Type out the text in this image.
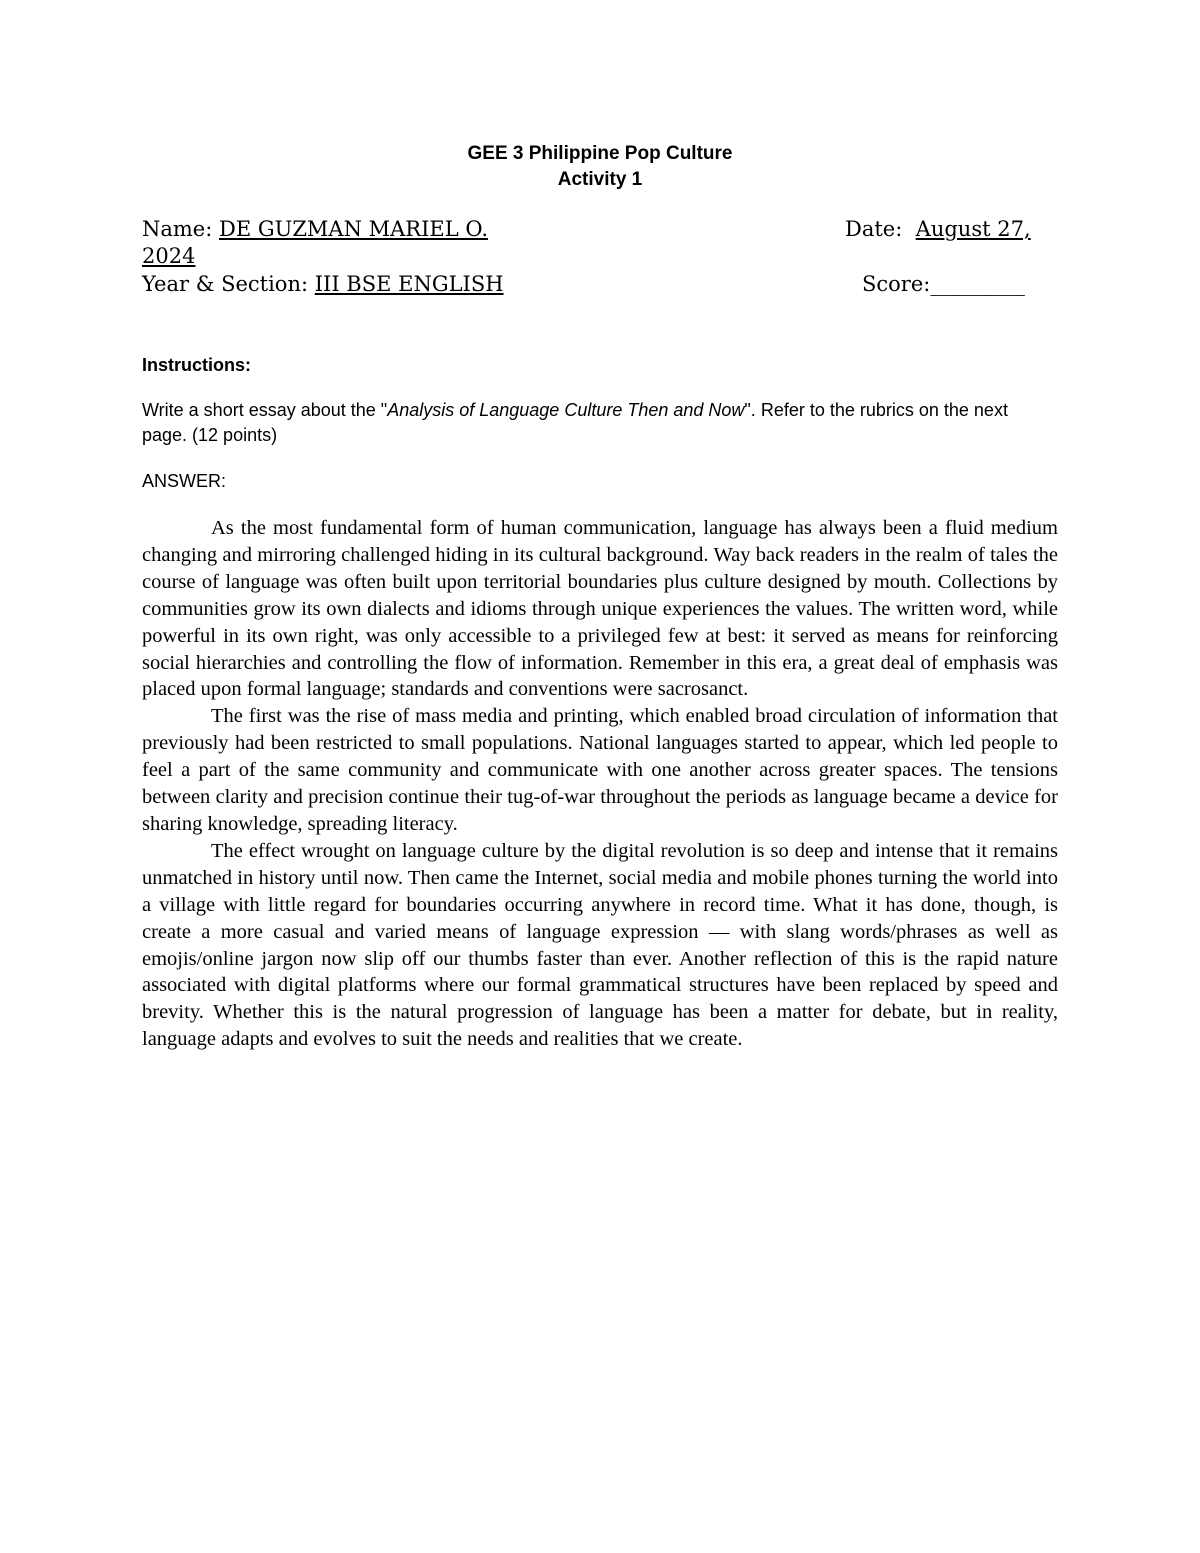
GEE 3 Philippine Pop Culture
Activity 1
Name: DE GUZMAN MARIEL O.	Date: August 27,
2024
Year & Section: III BSE ENGLISH	Score:_________
Instructions:
Write a short essay about the "Analysis of Language Culture Then and Now". Refer to the rubrics on the next page. (12 points)
ANSWER:

As the most fundamental form of human communication, language has always been a fluid medium changing and mirroring challenged hiding in its cultural background. Way back readers in the realm of tales the course of language was often built upon territorial boundaries plus culture designed by mouth. Collections by communities grow its own dialects and idioms through unique experiences the values. The written word, while powerful in its own right, was only accessible to a privileged few at best: it served as means for reinforcing social hierarchies and controlling the flow of information. Remember in this era, a great deal of emphasis was placed upon formal language; standards and conventions were sacrosanct.

The first was the rise of mass media and printing, which enabled broad circulation of information that previously had been restricted to small populations. National languages started to appear, which led people to feel a part of the same community and communicate with one another across greater spaces. The tensions between clarity and precision continue their tug-of-war throughout the periods as language became a device for sharing knowledge, spreading literacy.

The effect wrought on language culture by the digital revolution is so deep and intense that it remains unmatched in history until now. Then came the Internet, social media and mobile phones turning the world into a village with little regard for boundaries occurring anywhere in record time. What it has done, though, is create a more casual and varied means of language expression — with slang words/phrases as well as emojis/online jargon now slip off our thumbs faster than ever. Another reflection of this is the rapid nature associated with digital platforms where our formal grammatical structures have been replaced by speed and brevity. Whether this is the natural progression of language has been a matter for debate, but in reality, language adapts and evolves to suit the needs and realities that we create.
